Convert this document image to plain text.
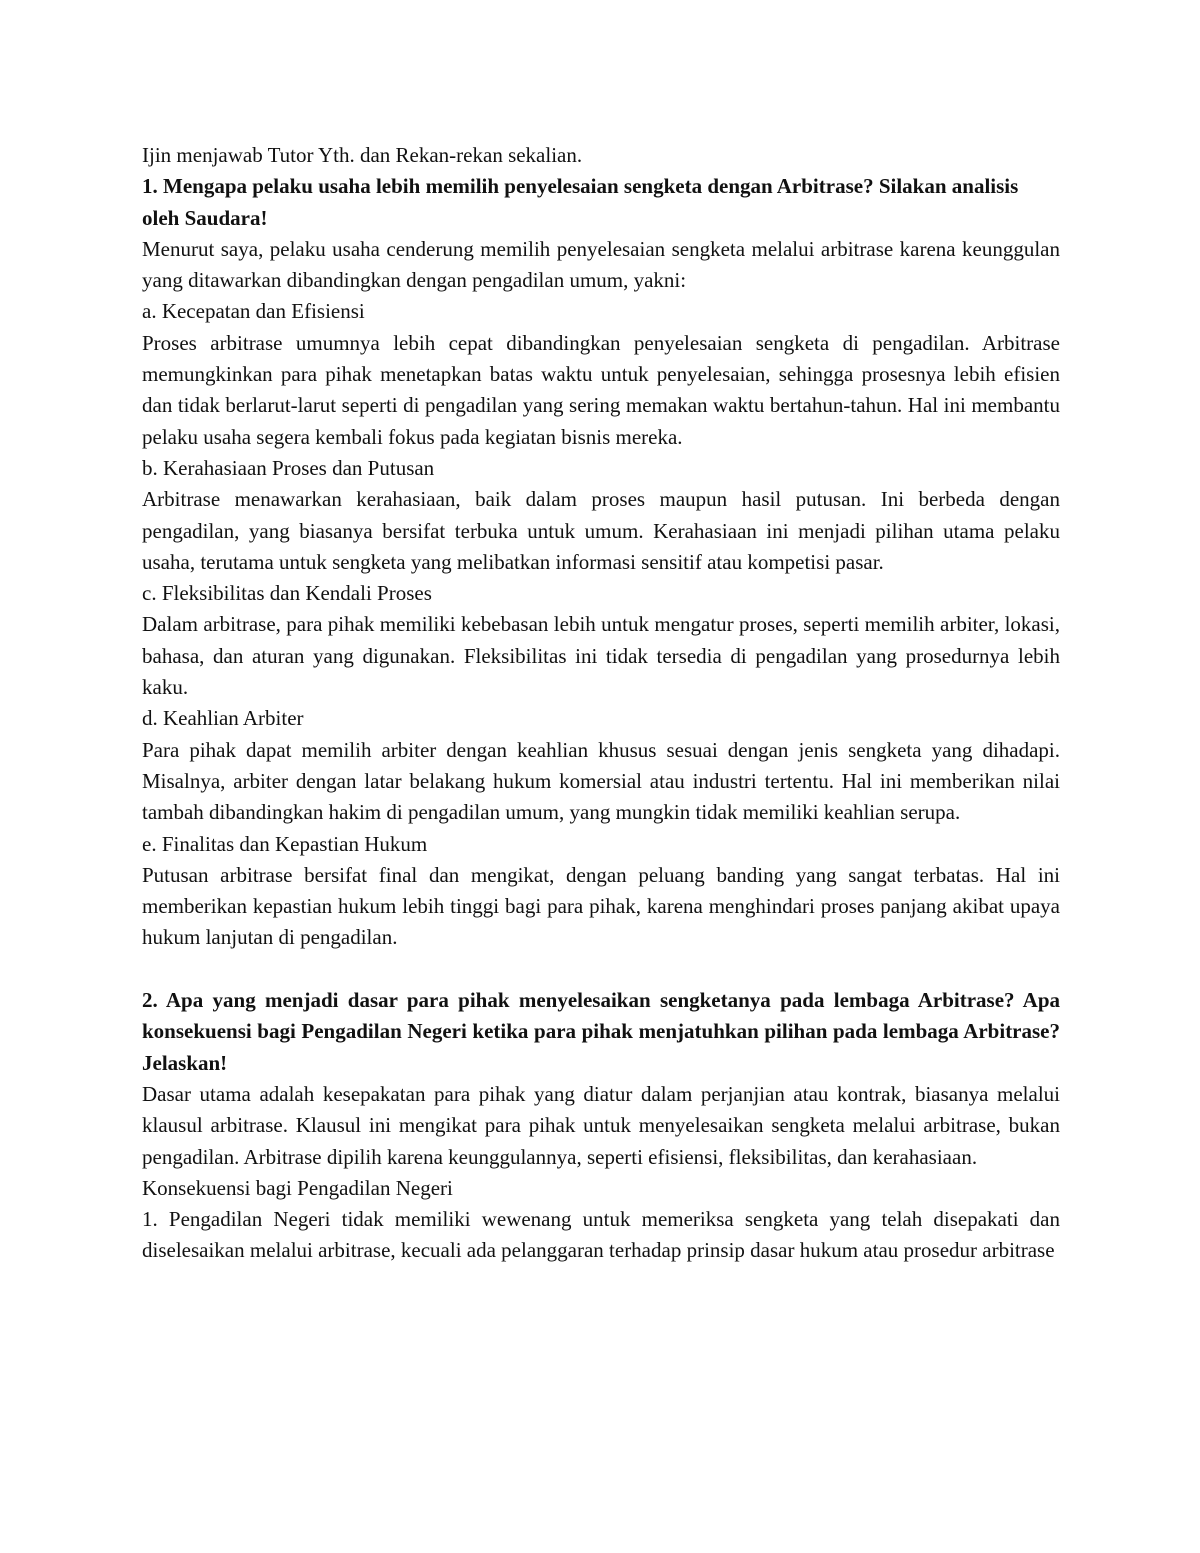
Ijin menjawab Tutor Yth. dan Rekan-rekan sekalian.

1. Mengapa pelaku usaha lebih memilih penyelesaian sengketa dengan Arbitrase? Silakan analisis oleh Saudara!

Menurut saya, pelaku usaha cenderung memilih penyelesaian sengketa melalui arbitrase karena keunggulan yang ditawarkan dibandingkan dengan pengadilan umum, yakni:

a. Kecepatan dan Efisiensi

Proses arbitrase umumnya lebih cepat dibandingkan penyelesaian sengketa di pengadilan. Arbitrase memungkinkan para pihak menetapkan batas waktu untuk penyelesaian, sehingga prosesnya lebih efisien dan tidak berlarut-larut seperti di pengadilan yang sering memakan waktu bertahun-tahun. Hal ini membantu pelaku usaha segera kembali fokus pada kegiatan bisnis mereka.

b. Kerahasiaan Proses dan Putusan

Arbitrase menawarkan kerahasiaan, baik dalam proses maupun hasil putusan. Ini berbeda dengan pengadilan, yang biasanya bersifat terbuka untuk umum. Kerahasiaan ini menjadi pilihan utama pelaku usaha, terutama untuk sengketa yang melibatkan informasi sensitif atau kompetisi pasar.

c. Fleksibilitas dan Kendali Proses

Dalam arbitrase, para pihak memiliki kebebasan lebih untuk mengatur proses, seperti memilih arbiter, lokasi, bahasa, dan aturan yang digunakan. Fleksibilitas ini tidak tersedia di pengadilan yang prosedurnya lebih kaku.

d. Keahlian Arbiter

Para pihak dapat memilih arbiter dengan keahlian khusus sesuai dengan jenis sengketa yang dihadapi. Misalnya, arbiter dengan latar belakang hukum komersial atau industri tertentu. Hal ini memberikan nilai tambah dibandingkan hakim di pengadilan umum, yang mungkin tidak memiliki keahlian serupa.

e. Finalitas dan Kepastian Hukum

Putusan arbitrase bersifat final dan mengikat, dengan peluang banding yang sangat terbatas. Hal ini memberikan kepastian hukum lebih tinggi bagi para pihak, karena menghindari proses panjang akibat upaya hukum lanjutan di pengadilan.

2. Apa yang menjadi dasar para pihak menyelesaikan sengketanya pada lembaga Arbitrase? Apa konsekuensi bagi Pengadilan Negeri ketika para pihak menjatuhkan pilihan pada lembaga Arbitrase? Jelaskan!

Dasar utama adalah kesepakatan para pihak yang diatur dalam perjanjian atau kontrak, biasanya melalui klausul arbitrase. Klausul ini mengikat para pihak untuk menyelesaikan sengketa melalui arbitrase, bukan pengadilan. Arbitrase dipilih karena keunggulannya, seperti efisiensi, fleksibilitas, dan kerahasiaan.

Konsekuensi bagi Pengadilan Negeri

1. Pengadilan Negeri tidak memiliki wewenang untuk memeriksa sengketa yang telah disepakati dan diselesaikan melalui arbitrase, kecuali ada pelanggaran terhadap prinsip dasar hukum atau prosedur arbitrase
